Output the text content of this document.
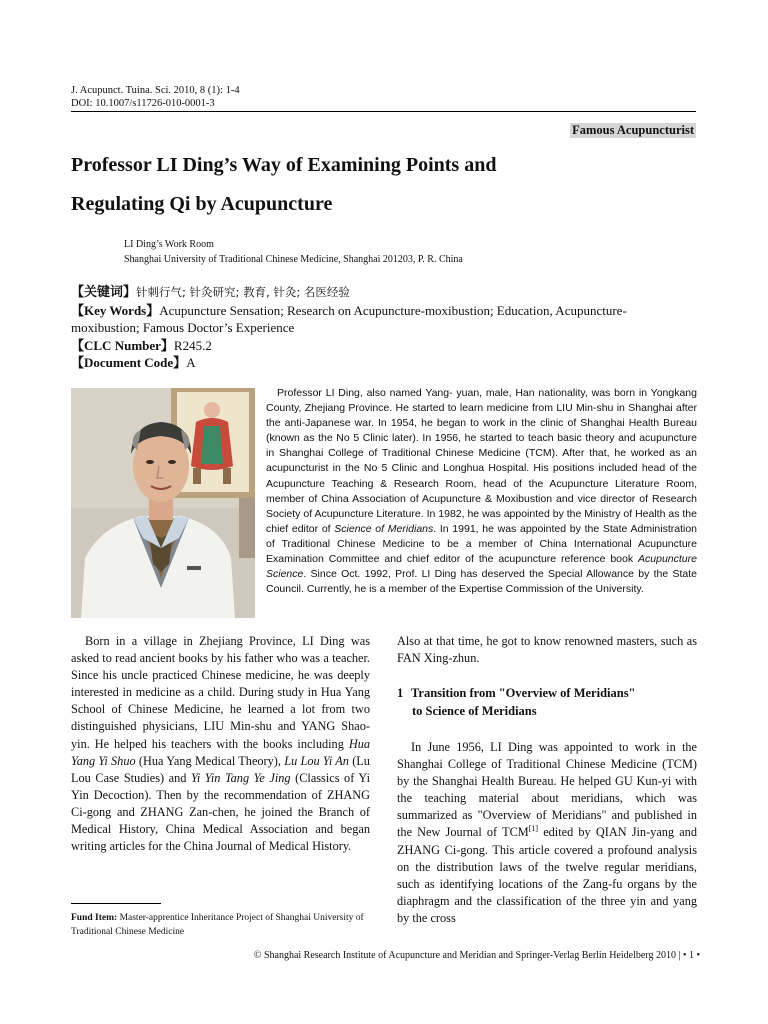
J. Acupunct. Tuina. Sci. 2010, 8 (1): 1-4
DOI: 10.1007/s11726-010-0001-3
Famous Acupuncturist
Professor LI Ding’s Way of Examining Points and
Regulating Qi by Acupuncture
LI Ding’s Work Room
Shanghai University of Traditional Chinese Medicine, Shanghai 201203, P. R. China
【关键词】针刺行气; 针灸研究; 教育, 针灸; 名医经验
【Key Words】Acupuncture Sensation; Research on Acupuncture-moxibustion; Education, Acupuncture-moxibustion; Famous Doctor’s Experience
【CLC Number】R245.2
【Document Code】A
Professor LI Ding, also named Yang- yuan, male, Han nationality, was born in Yongkang County, Zhejiang Province. He started to learn medicine from LIU Min-shu in Shanghai after the anti-Japanese war. In 1954, he began to work in the clinic of Shanghai Health Bureau (known as the No 5 Clinic later). In 1956, he started to teach basic theory and acupuncture in Shanghai College of Traditional Chinese Medicine (TCM). After that, he worked as an acupuncturist in the No 5 Clinic and Longhua Hospital. His positions included head of the Acupuncture Teaching & Research Room, head of the Acupuncture Literature Room, member of China Association of Acupuncture & Moxibustion and vice director of Research Society of Acupuncture Literature. In 1982, he was appointed by the Ministry of Health as the chief editor of Science of Meridians. In 1991, he was appointed by the State Administration of Traditional Chinese Medicine to be a member of China International Acupuncture Examination Committee and chief editor of the acupuncture reference book Acupuncture Science. Since Oct. 1992, Prof. LI Ding has deserved the Special Allowance by the State Council. Currently, he is a member of the Expertise Commission of the University.
Born in a village in Zhejiang Province, LI Ding was asked to read ancient books by his father who was a teacher. Since his uncle practiced Chinese medicine, he was deeply interested in medicine as a child. During study in Hua Yang School of Chinese Medicine, he learned a lot from two distinguished physicians, LIU Min-shu and YANG Shao-yin. He helped his teachers with the books including Hua Yang Yi Shuo (Hua Yang Medical Theory), Lu Lou Yi An (Lu Lou Case Studies) and Yi Yin Tang Ye Jing (Classics of Yi Yin Decoction). Then by the recommendation of ZHANG Ci-gong and ZHANG Zan-chen, he joined the Branch of Medical History, China Medical Association and began writing articles for the China Journal of Medical History.
Fund Item: Master-apprentice Inheritance Project of Shanghai University of Traditional Chinese Medicine
Also at that time, he got to know renowned masters, such as FAN Xing-zhun.
1 Transition from "Overview of Meridians"
to Science of Meridians
In June 1956, LI Ding was appointed to work in the Shanghai College of Traditional Chinese Medicine (TCM) by the Shanghai Health Bureau. He helped GU Kun-yi with the teaching material about meridians, which was summarized as "Overview of Meridians" and published in the New Journal of TCM[1] edited by QIAN Jin-yang and ZHANG Ci-gong. This article covered a profound analysis on the distribution laws of the twelve regular meridians, such as identifying locations of the Zang-fu organs by the diaphragm and the classification of the three yin and yang by the cross
© Shanghai Research Institute of Acupuncture and Meridian and Springer-Verlag Berlin Heidelberg 2010 | • 1 •
